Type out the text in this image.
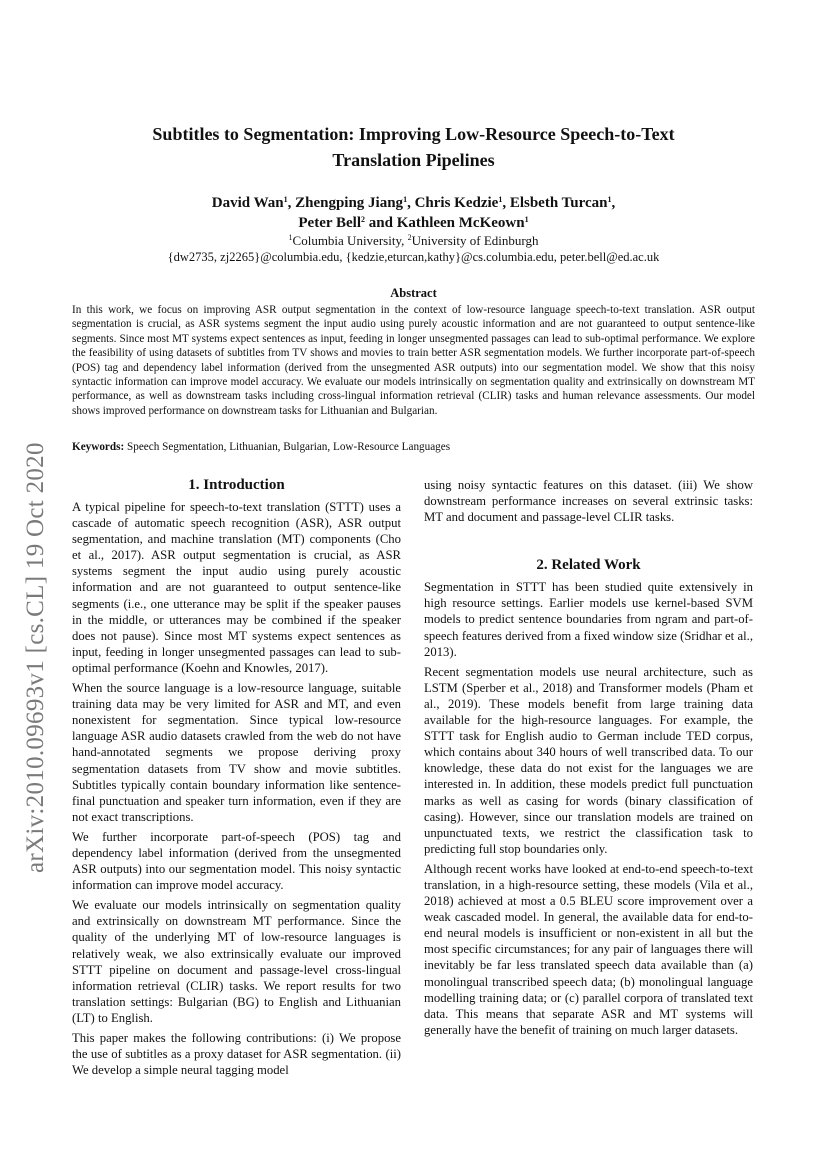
arXiv:2010.09693v1 [cs.CL] 19 Oct 2020
Subtitles to Segmentation: Improving Low-Resource Speech-to-Text
Translation Pipelines
David Wan$^1$, Zhengping Jiang$^1$, Chris Kedzie$^1$, Elsbeth Turcan$^1$,
Peter Bell$^2$ and Kathleen McKeown$^1$
$^1$Columbia University, $^2$University of Edinburgh
{dw2735, zj2265}@columbia.edu, {kedzie,eturcan,kathy}@cs.columbia.edu, peter.bell@ed.ac.uk
Abstract
In this work, we focus on improving ASR output segmentation in the context of low-resource language speech-to-text translation. ASR output segmentation is crucial, as ASR systems segment the input audio using purely acoustic information and are not guaranteed to output sentence-like segments. Since most MT systems expect sentences as input, feeding in longer unsegmented passages can lead to sub-optimal performance. We explore the feasibility of using datasets of subtitles from TV shows and movies to train better ASR segmentation models. We further incorporate part-of-speech (POS) tag and dependency label information (derived from the unsegmented ASR outputs) into our segmentation model. We show that this noisy syntactic information can improve model accuracy. We evaluate our models intrinsically on segmentation quality and extrinsically on downstream MT performance, as well as downstream tasks including cross-lingual information retrieval (CLIR) tasks and human relevance assessments. Our model shows improved performance on downstream tasks for Lithuanian and Bulgarian.
Keywords: Speech Segmentation, Lithuanian, Bulgarian, Low-Resource Languages
1. Introduction

A typical pipeline for speech-to-text translation (STTT) uses a cascade of automatic speech recognition (ASR), ASR output segmentation, and machine translation (MT) components (Cho et al., 2017). ASR output segmentation is crucial, as ASR systems segment the input audio using purely acoustic information and are not guaranteed to output sentence-like segments (i.e., one utterance may be split if the speaker pauses in the middle, or utterances may be combined if the speaker does not pause). Since most MT systems expect sentences as input, feeding in longer unsegmented passages can lead to sub-optimal performance (Koehn and Knowles, 2017).

When the source language is a low-resource language, suitable training data may be very limited for ASR and MT, and even nonexistent for segmentation. Since typical low-resource language ASR audio datasets crawled from the web do not have hand-annotated segments we propose deriving proxy segmentation datasets from TV show and movie subtitles. Subtitles typically contain boundary information like sentence-final punctuation and speaker turn information, even if they are not exact transcriptions.

We further incorporate part-of-speech (POS) tag and dependency label information (derived from the unsegmented ASR outputs) into our segmentation model. This noisy syntactic information can improve model accuracy.

We evaluate our models intrinsically on segmentation quality and extrinsically on downstream MT performance. Since the quality of the underlying MT of low-resource languages is relatively weak, we also extrinsically evaluate our improved STTT pipeline on document and passage-level cross-lingual information retrieval (CLIR) tasks. We report results for two translation settings: Bulgarian (BG) to English and Lithuanian (LT) to English.

This paper makes the following contributions: (i) We propose the use of subtitles as a proxy dataset for ASR segmentation. (ii) We develop a simple neural tagging model

using noisy syntactic features on this dataset. (iii) We show downstream performance increases on several extrinsic tasks: MT and document and passage-level CLIR tasks.

2. Related Work

Segmentation in STTT has been studied quite extensively in high resource settings. Earlier models use kernel-based SVM models to predict sentence boundaries from ngram and part-of-speech features derived from a fixed window size (Sridhar et al., 2013).

Recent segmentation models use neural architecture, such as LSTM (Sperber et al., 2018) and Transformer models (Pham et al., 2019). These models benefit from large training data available for the high-resource languages. For example, the STTT task for English audio to German include TED corpus, which contains about 340 hours of well transcribed data. To our knowledge, these data do not exist for the languages we are interested in. In addition, these models predict full punctuation marks as well as casing for words (binary classification of casing). However, since our translation models are trained on unpunctuated texts, we restrict the classification task to predicting full stop boundaries only.

Although recent works have looked at end-to-end speech-to-text translation, in a high-resource setting, these models (Vila et al., 2018) achieved at most a 0.5 BLEU score improvement over a weak cascaded model. In general, the available data for end-to-end neural models is insufficient or non-existent in all but the most specific circumstances; for any pair of languages there will inevitably be far less translated speech data available than (a) monolingual transcribed speech data; (b) monolingual language modelling training data; or (c) parallel corpora of translated text data. This means that separate ASR and MT systems will generally have the benefit of training on much larger datasets.
